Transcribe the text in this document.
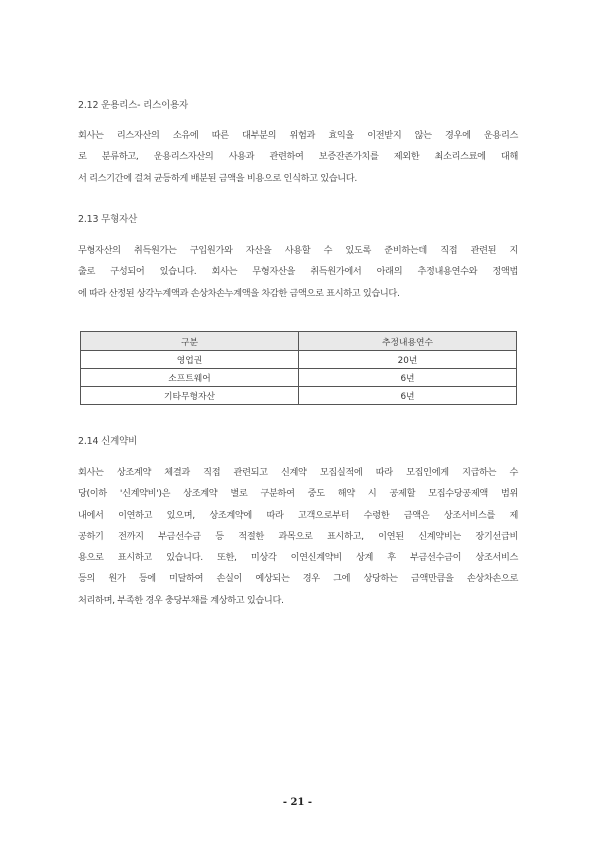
2.12 운용리스- 리스이용자
회사는 리스자산의 소유에 따른 대부분의 위험과 효익을 이전받지 않는 경우에 운용리스
로 분류하고, 운용리스자산의 사용과 관련하여 보증잔존가치를 제외한 최소리스료에 대해
서 리스기간에 걸쳐 균등하게 배분된 금액을 비용으로 인식하고 있습니다.
2.13 무형자산
무형자산의 취득원가는 구입원가와 자산을 사용할 수 있도록 준비하는데 직접 관련된 지
출로 구성되어 있습니다. 회사는 무형자산을 취득원가에서 아래의 추정내용연수와 정액법
에 따라 산정된 상각누계액과 손상차손누계액을 차감한 금액으로 표시하고 있습니다.
구분	추정내용연수
영업권	20년
소프트웨어	6년
기타무형자산	6년
2.14 신계약비
회사는 상조계약 체결과 직접 관련되고 신계약 모집실적에 따라 모집인에게 지급하는 수
당(이하 '신계약비')은 상조계약 별로 구분하여 중도 해약 시 공제할 모집수당공제액 범위
내에서 이연하고 있으며, 상조계약에 따라 고객으로부터 수령한 금액은 상조서비스를 제
공하기 전까지 부금선수금 등 적절한 과목으로 표시하고, 이연된 신계약비는 장기선급비
용으로 표시하고 있습니다. 또한, 미상각 이연신계약비 상계 후 부금선수금이 상조서비스
등의 원가 등에 미달하여 손실이 예상되는 경우 그에 상당하는 금액만큼을 손상차손으로
처리하며, 부족한 경우 충당부채를 계상하고 있습니다.
- 21 -
